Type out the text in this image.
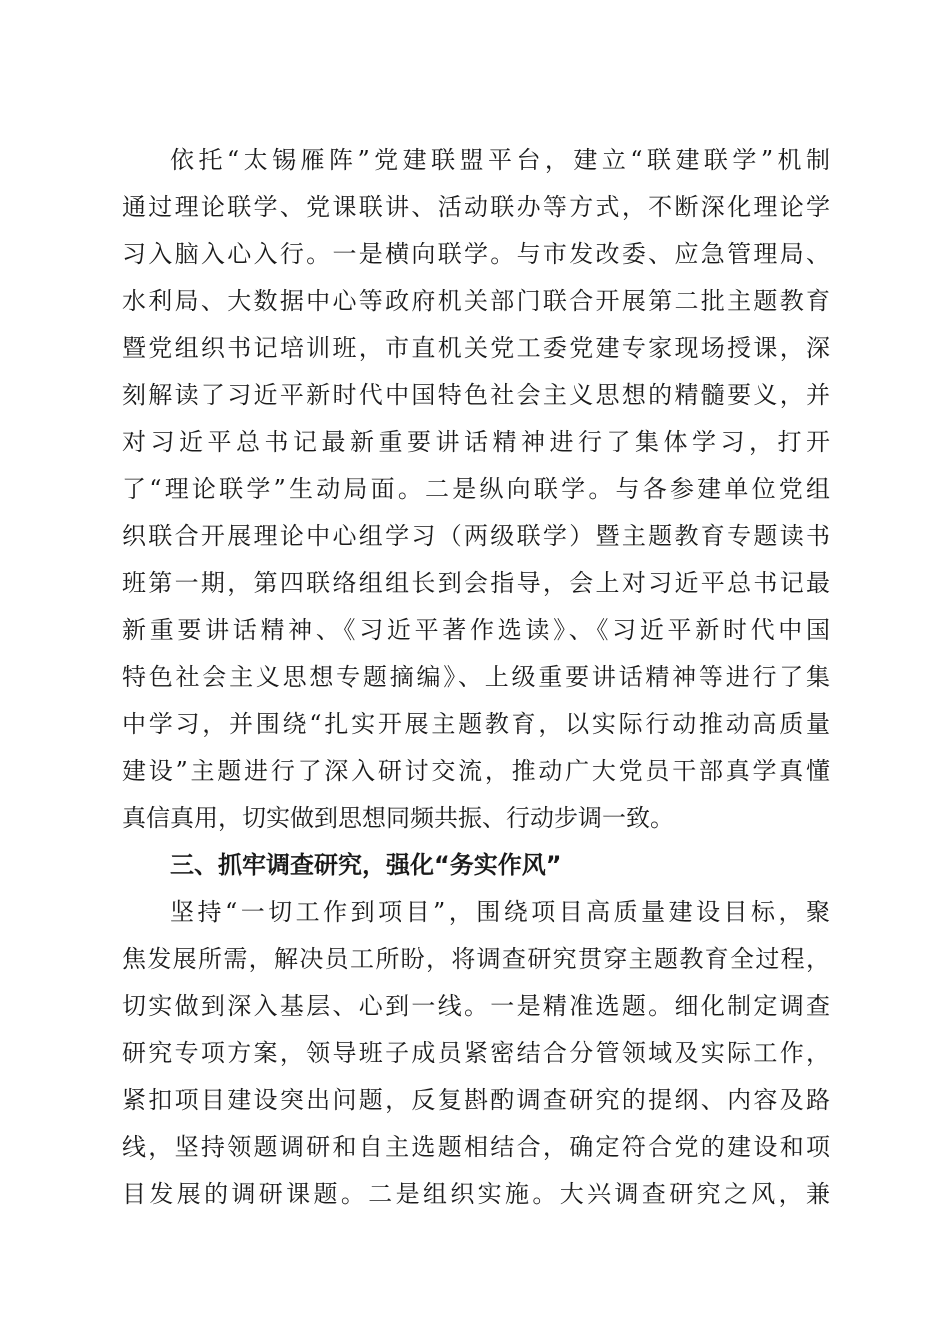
依托“太锡雁阵”党建联盟平台，建立“联建联学”机制
通过理论联学、党课联讲、活动联办等方式，不断深化理论学
习入脑入心入行。一是横向联学。与市发改委、应急管理局、
水利局、大数据中心等政府机关部门联合开展第二批主题教育
暨党组织书记培训班，市直机关党工委党建专家现场授课，深
刻解读了习近平新时代中国特色社会主义思想的精髓要义，并
对习近平总书记最新重要讲话精神进行了集体学习，打开
了“理论联学”生动局面。二是纵向联学。与各参建单位党组
织联合开展理论中心组学习（两级联学）暨主题教育专题读书
班第一期，第四联络组组长到会指导，会上对习近平总书记最
新重要讲话精神、《习近平著作选读》、《习近平新时代中国
特色社会主义思想专题摘编》、上级重要讲话精神等进行了集
中学习，并围绕“扎实开展主题教育，以实际行动推动高质量
建设”主题进行了深入研讨交流，推动广大党员干部真学真懂
真信真用，切实做到思想同频共振、行动步调一致。
三、抓牢调查研究，强化“务实作风”
坚持“一切工作到项目”，围绕项目高质量建设目标，聚
焦发展所需，解决员工所盼，将调查研究贯穿主题教育全过程，
切实做到深入基层、心到一线。一是精准选题。细化制定调查
研究专项方案，领导班子成员紧密结合分管领域及实际工作，
紧扣项目建设突出问题，反复斟酌调查研究的提纲、内容及路
线，坚持领题调研和自主选题相结合，确定符合党的建设和项
目发展的调研课题。二是组织实施。大兴调查研究之风，兼
